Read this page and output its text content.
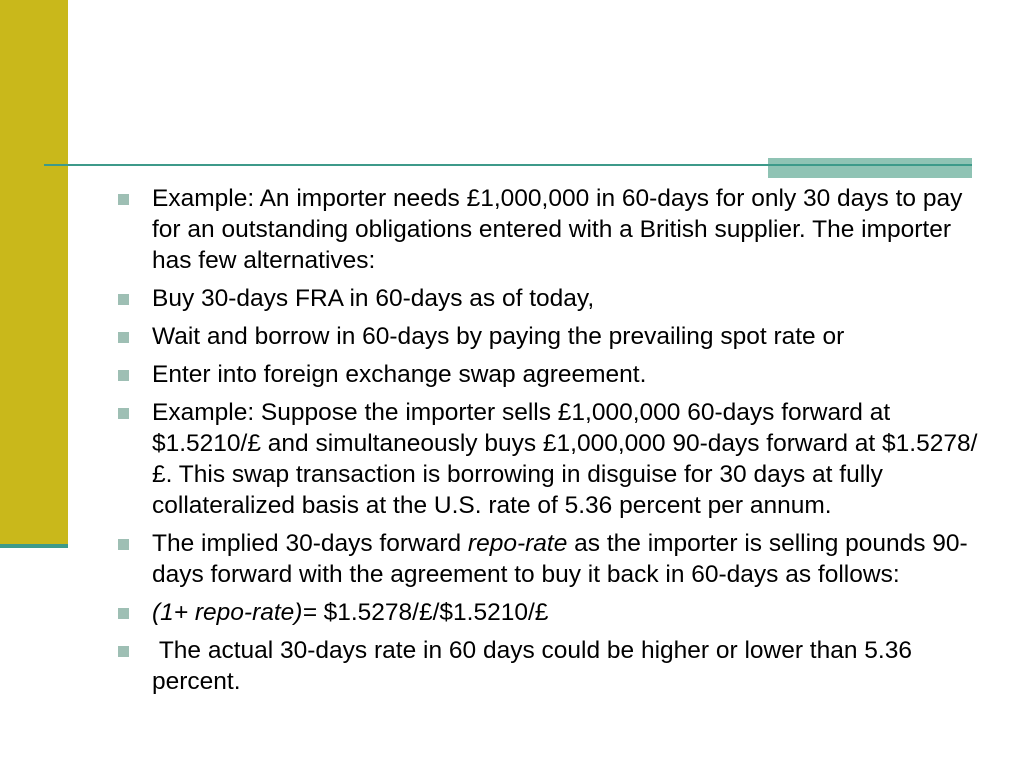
Example: An importer needs £1,000,000 in 60-days for only 30 days to pay for an outstanding obligations entered with a British supplier. The importer has few alternatives:
Buy 30-days FRA in 60-days as of today,
Wait and borrow in 60-days by paying the prevailing spot rate or
Enter into foreign exchange swap agreement.
Example: Suppose the importer sells £1,000,000 60-days forward at $1.5210/£ and simultaneously buys £1,000,000 90-days forward at $1.5278/£. This swap transaction is borrowing in disguise for 30 days at fully collateralized basis at the U.S. rate of 5.36 percent per annum.
The implied 30-days forward repo-rate as the importer is selling pounds 90-days forward with the agreement to buy it back in 60-days as follows:
(1+ repo-rate)= $1.5278/£/$1.5210/£
The actual 30-days rate in 60 days could be higher or lower than 5.36 percent.
